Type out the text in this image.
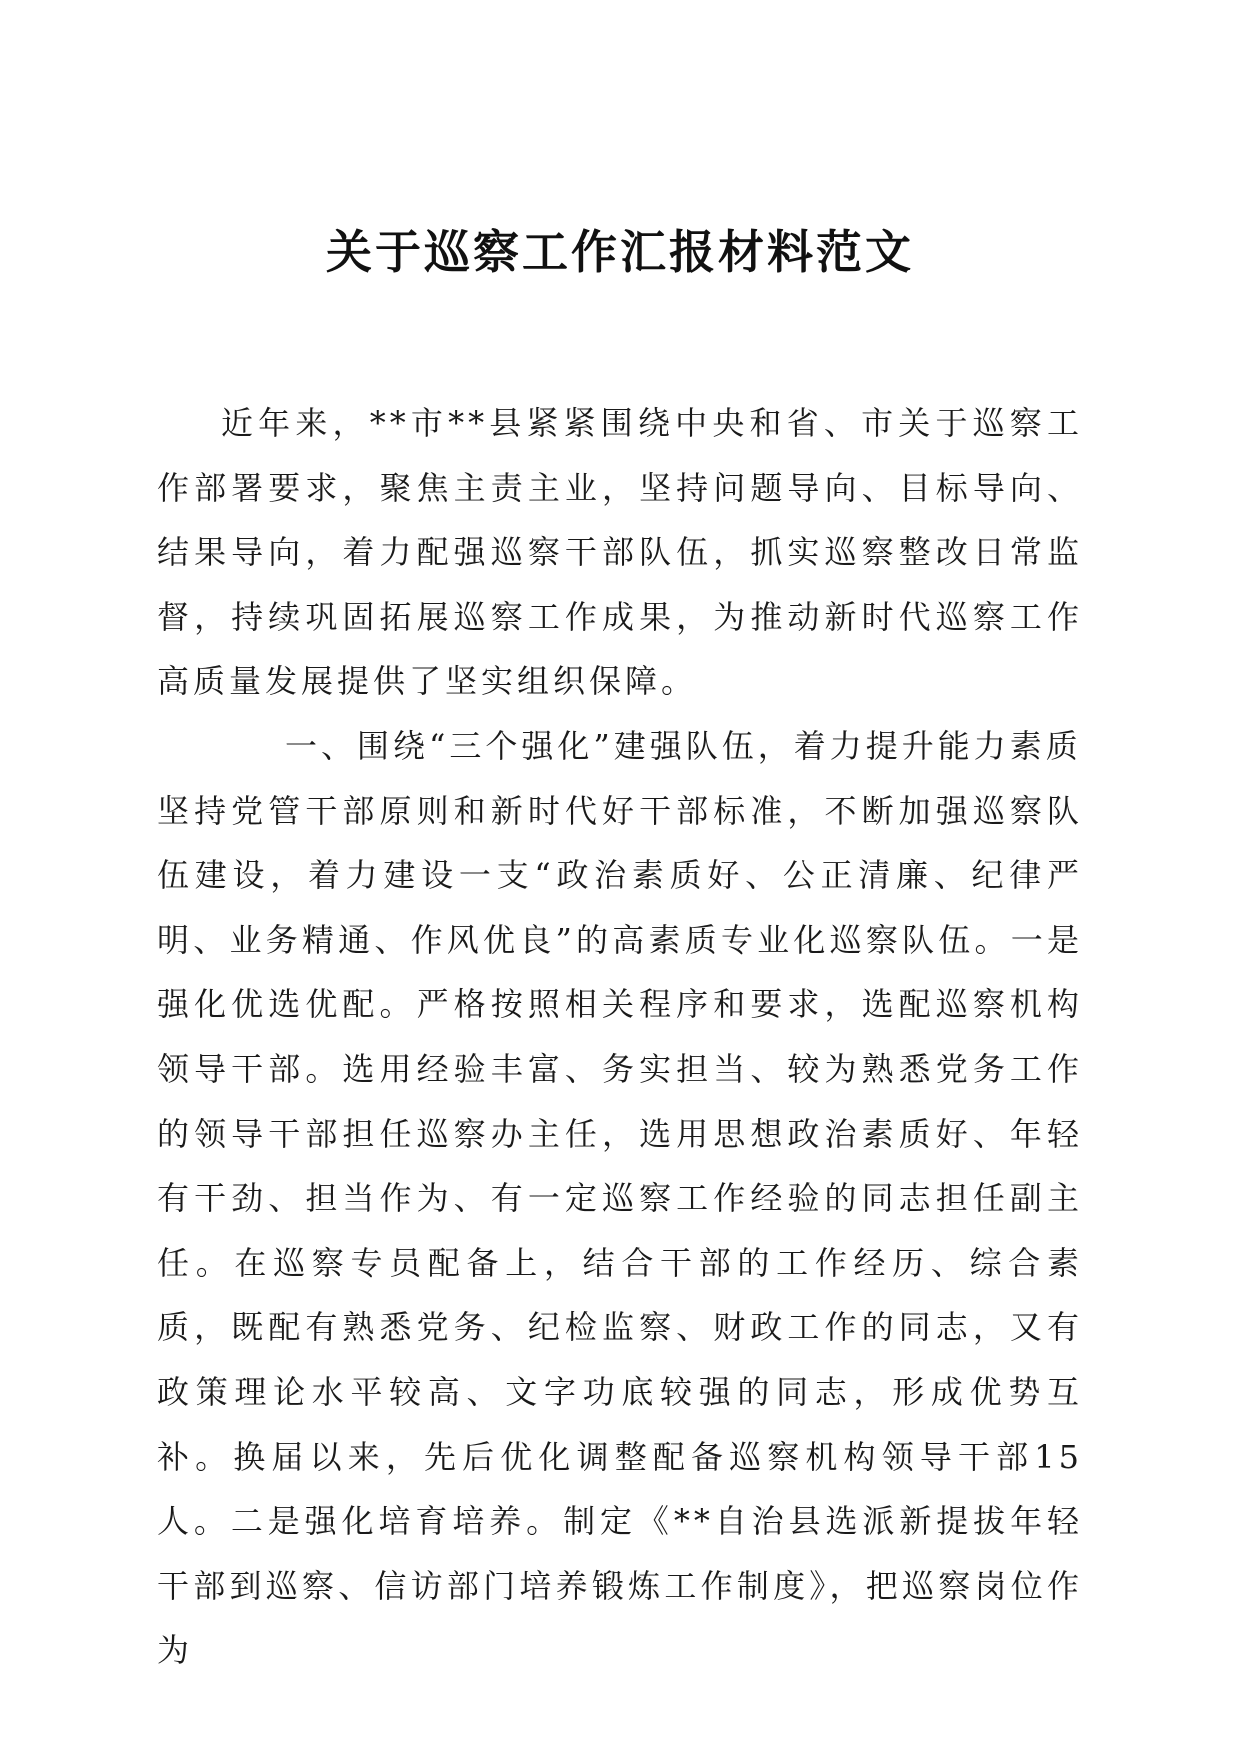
关于巡察工作汇报材料范文

近年来，**市**县紧紧围绕中央和省、市关于巡察工作部署要求，聚焦主责主业，坚持问题导向、目标导向、结果导向，着力配强巡察干部队伍，抓实巡察整改日常监督，持续巩固拓展巡察工作成果，为推动新时代巡察工作高质量发展提供了坚实组织保障。

一、围绕“三个强化”建强队伍，着力提升能力素质

坚持党管干部原则和新时代好干部标准，不断加强巡察队伍建设，着力建设一支“政治素质好、公正清廉、纪律严明、业务精通、作风优良”的高素质专业化巡察队伍。一是强化优选优配。严格按照相关程序和要求，选配巡察机构领导干部。选用经验丰富、务实担当、较为熟悉党务工作的领导干部担任巡察办主任，选用思想政治素质好、年轻有干劲、担当作为、有一定巡察工作经验的同志担任副主任。在巡察专员配备上，结合干部的工作经历、综合素质，既配有熟悉党务、纪检监察、财政工作的同志，又有政策理论水平较高、文字功底较强的同志，形成优势互补。换届以来，先后优化调整配备巡察机构领导干部15人。二是强化培育培养。制定《**自治县选派新提拔年轻干部到巡察、信访部门培养锻炼工作制度》，把巡察岗位作为
